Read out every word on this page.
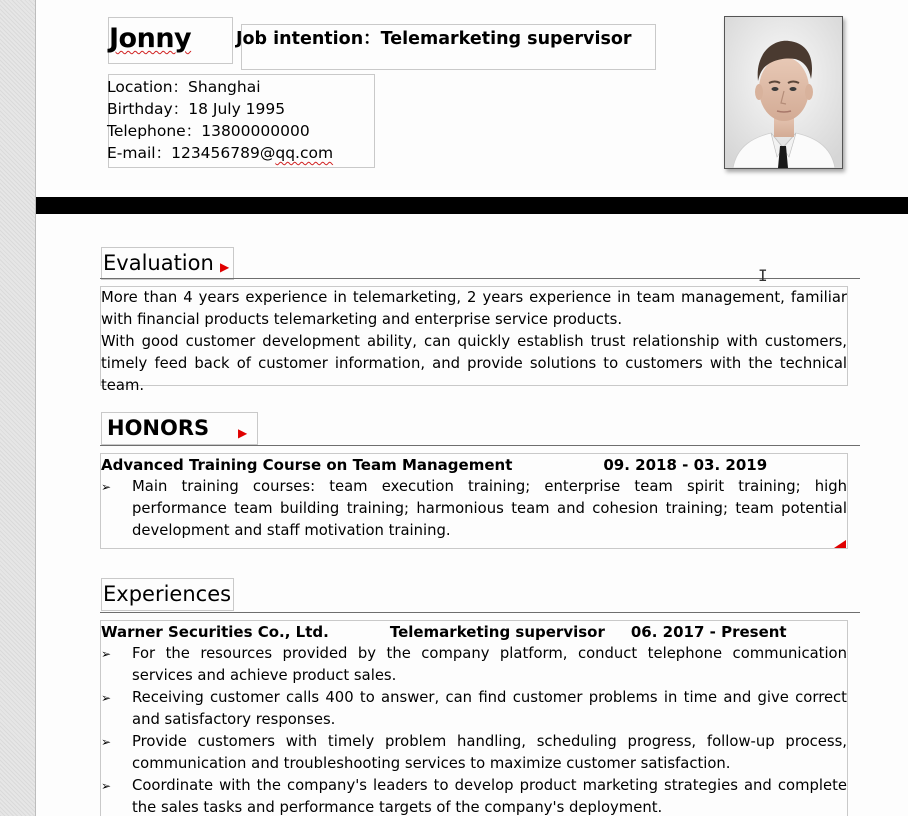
Jonny	Job intention：Telemarketing supervisor
Location：Shanghai
Birthday：18 July 1995
Telephone：13800000000
E-mail：123456789@qq.com
Evaluation ▶

More than 4 years experience in telemarketing, 2 years experience in team management, familiar with financial products telemarketing and enterprise service products.

With good customer development ability, can quickly establish trust relationship with customers, timely feed back of customer information, and provide solutions to customers with the technical team.

I
HONORS ▶
Advanced Training Course on Team Management	09. 2018 - 03. 2019
➢ Main training courses: team execution training; enterprise team spirit training; high performance team building training; harmonious team and cohesion training; team potential development and staff motivation training.
Experiences
Warner Securities Co., Ltd.	Telemarketing supervisor 06. 2017 - Present
➢ For the resources provided by the company platform, conduct telephone communication services and achieve product sales.
➢ Receiving customer calls 400 to answer, can find customer problems in time and give correct and satisfactory responses.
➢ Provide customers with timely problem handling, scheduling progress, follow-up process, communication and troubleshooting services to maximize customer satisfaction.
➢ Coordinate with the company's leaders to develop product marketing strategies and complete the sales tasks and performance targets of the company's deployment.
